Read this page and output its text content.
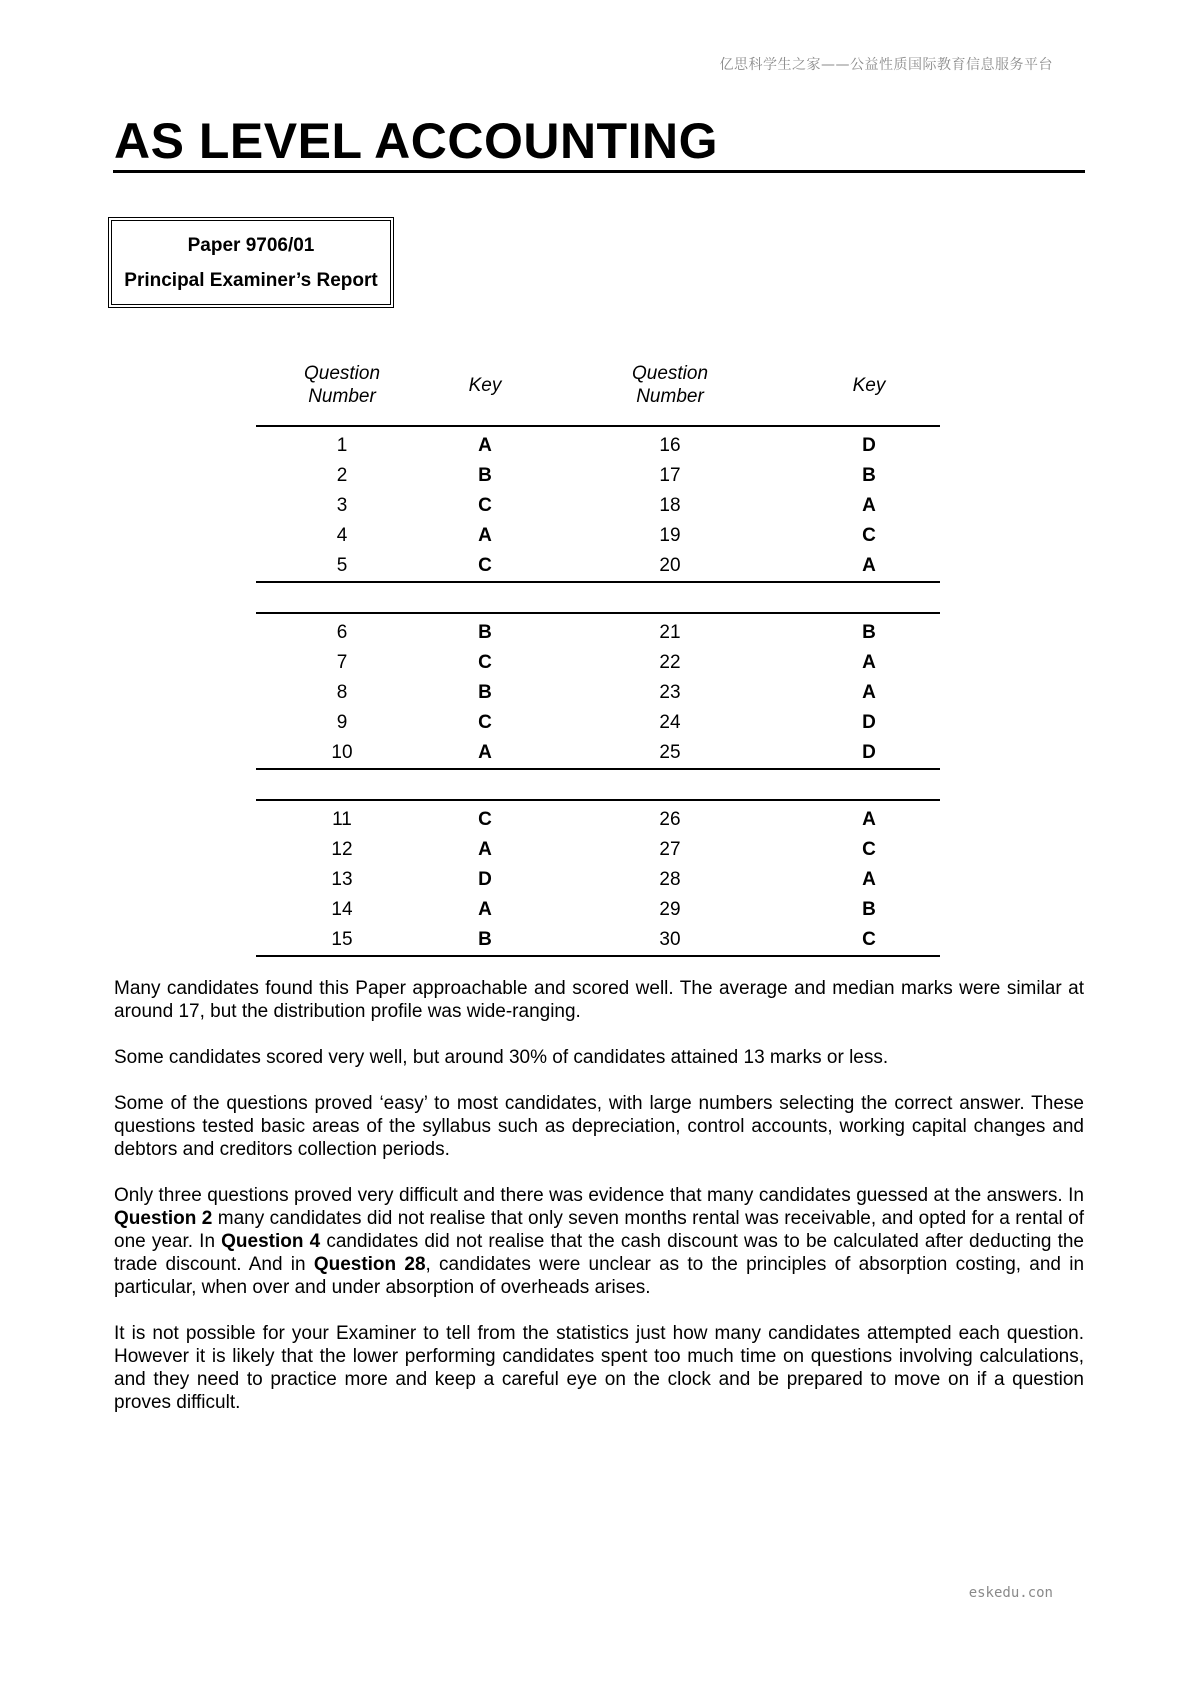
亿思科学生之家——公益性质国际教育信息服务平台
AS LEVEL ACCOUNTING
Paper 9706/01
Principal Examiner’s Report
Question
Number	Key	Question
Number	Key
1	A	16	D
2	B	17	B
3	C	18	A
4	A	19	C
5	C	20	A

6	B	21	B
7	C	22	A
8	B	23	A
9	C	24	D
10	A	25	D

11	C	26	A
12	A	27	C
13	D	28	A
14	A	29	B
15	B	30	C

Many candidates found this Paper approachable and scored well. The average and median marks were similar at around 17, but the distribution profile was wide-ranging.

Some candidates scored very well, but around 30% of candidates attained 13 marks or less.

Some of the questions proved ‘easy’ to most candidates, with large numbers selecting the correct answer. These questions tested basic areas of the syllabus such as depreciation, control accounts, working capital changes and debtors and creditors collection periods.

Only three questions proved very difficult and there was evidence that many candidates guessed at the answers. In Question 2 many candidates did not realise that only seven months rental was receivable, and opted for a rental of one year. In Question 4 candidates did not realise that the cash discount was to be calculated after deducting the trade discount. And in Question 28, candidates were unclear as to the principles of absorption costing, and in particular, when over and under absorption of overheads arises.

It is not possible for your Examiner to tell from the statistics just how many candidates attempted each question. However it is likely that the lower performing candidates spent too much time on questions involving calculations, and they need to practice more and keep a careful eye on the clock and be prepared to move on if a question proves difficult.

eskedu.con
